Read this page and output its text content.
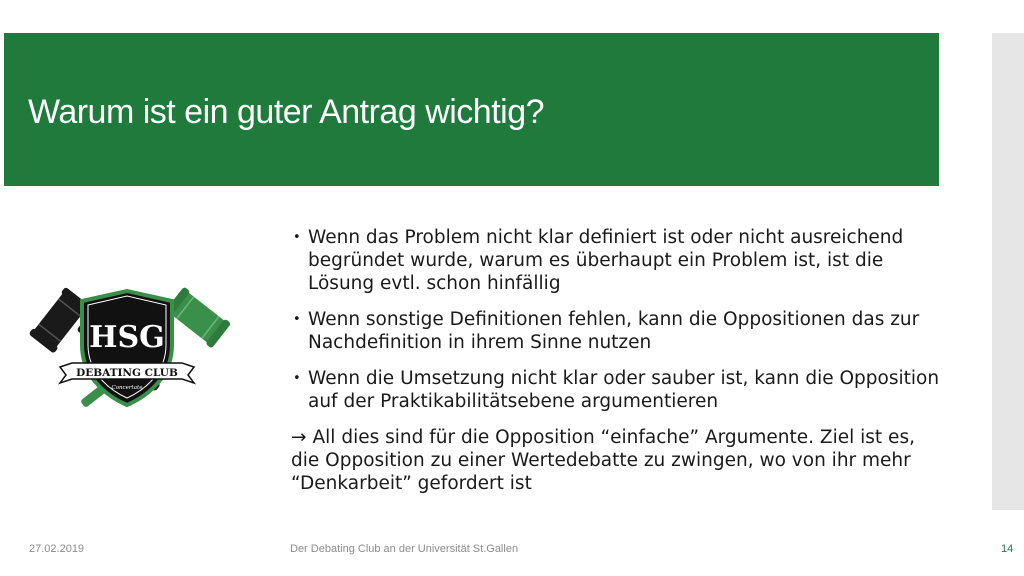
Warum ist ein guter Antrag wichtig?
HSG
DEBATING CLUB
Concertate
• Wenn das Problem nicht klar definiert ist oder nicht ausreichend begründet wurde, warum es überhaupt ein Problem ist, ist die Lösung evtl. schon hinfällig
• Wenn sonstige Definitionen fehlen, kann die Oppositionen das zur Nachdefinition in ihrem Sinne nutzen
• Wenn die Umsetzung nicht klar oder sauber ist, kann die Opposition auf der Praktikabilitätsebene argumentieren
→ All dies sind für die Opposition “einfache” Argumente. Ziel ist es, die Opposition zu einer Wertedebatte zu zwingen, wo von ihr mehr “Denkarbeit” gefordert ist
27.02.2019	Der Debating Club an der Universität St.Gallen	14
